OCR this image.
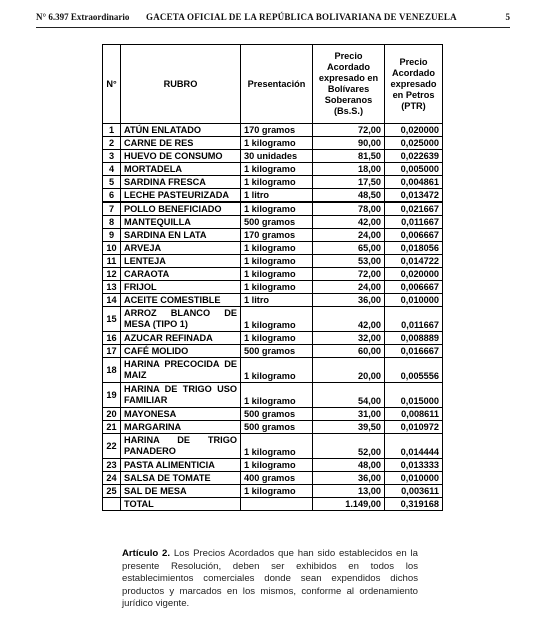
N° 6.397 Extraordinario GACETA OFICIAL DE LA REPÚBLICA BOLIVARIANA DE VENEZUELA	5
N°	RUBRO	Presentación	Precio Acordado expresado en Bolívares Soberanos (Bs.S.)	Precio Acordado expresado en Petros (PTR)
1	ATÚN ENLATADO	170 gramos	72,00	0,020000
2	CARNE DE RES	1 kilogramo	90,00	0,025000
3	HUEVO DE CONSUMO	30 unidades	81,50	0,022639
4	MORTADELA	1 kilogramo	18,00	0,005000
5	SARDINA FRESCA	1 kilogramo	17,50	0,004861
6	LECHE PASTEURIZADA	1 litro	48,50	0,013472
7	POLLO BENEFICIADO	1 kilogramo	78,00	0,021667
8	MANTEQUILLA	500 gramos	42,00	0,011667
9	SARDINA EN LATA	170 gramos	24,00	0,006667
10	ARVEJA	1 kilogramo	65,00	0,018056
11	LENTEJA	1 kilogramo	53,00	0,014722
12	CARAOTA	1 kilogramo	72,00	0,020000
13	FRIJOL	1 kilogramo	24,00	0,006667
14	ACEITE COMESTIBLE	1 litro	36,00	0,010000
15	ARROZ BLANCO DE MESA (TIPO 1)	1 kilogramo	42,00	0,011667
16	AZUCAR REFINADA	1 kilogramo	32,00	0,008889
17	CAFÉ MOLIDO	500 gramos	60,00	0,016667
18	HARINA PRECOCIDA DE MAIZ	1 kilogramo	20,00	0,005556
19	HARINA DE TRIGO USO FAMILIAR	1 kilogramo	54,00	0,015000
20	MAYONESA	500 gramos	31,00	0,008611
21	MARGARINA	500 gramos	39,50	0,010972
22	HARINA DE TRIGO PANADERO	1 kilogramo	52,00	0,014444
23	PASTA ALIMENTICIA	1 kilogramo	48,00	0,013333
24	SALSA DE TOMATE	400 gramos	36,00	0,010000
25	SAL DE MESA	1 kilogramo	13,00	0,003611
	TOTAL		1.149,00	0,319168
Artículo 2. Los Precios Acordados que han sido establecidos en la presente Resolución, deben ser exhibidos en todos los establecimientos comerciales donde sean expendidos dichos productos y marcados en los mismos, conforme al ordenamiento jurídico vigente.
